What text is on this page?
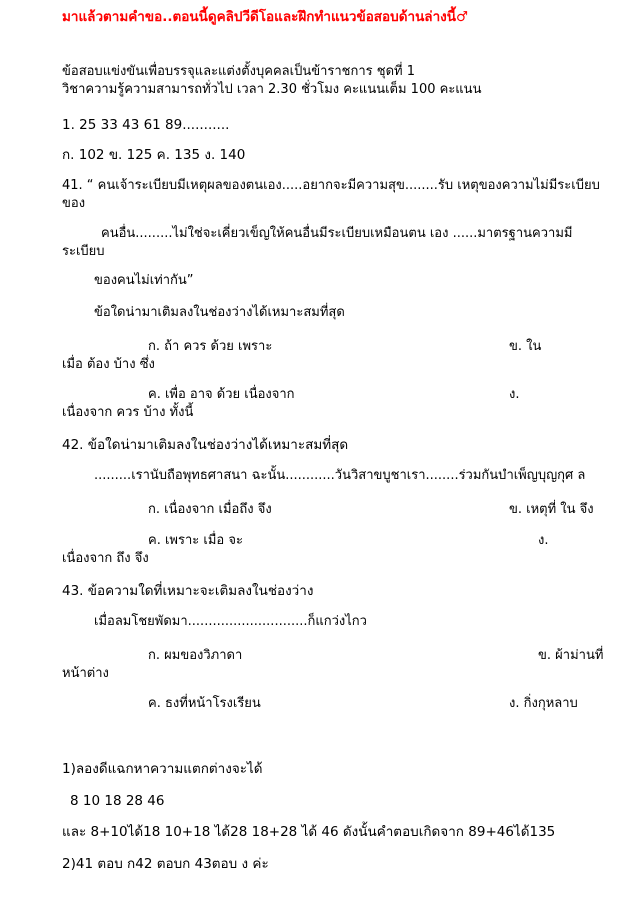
มาแล้วตามคำขอ..ตอนนี้ดูคลิปวีดีโอและฝึกทำแนวข้อสอบด้านล่างนี้♂
ข้อสอบแข่งขันเพื่อบรรจุและแต่งตั้งบุคคลเป็นข้าราชการ ชุดที่ 1
วิชาความรู้ความสามารถทั่วไป เวลา 2.30 ชั่วโมง คะแนนเต็ม 100 คะแนน
1. 25 33 43 61 89...........
ก. 102 ข. 125 ค. 135 ง. 140
41. “ คนเจ้าระเบียบมีเหตุผลของตนเอง.....อยากจะมีความสุข........รับ เหตุของความไม่มีระเบียบ
ของ
คนอื่น.........ไม่ใช่จะเคี่ยวเข็ญให้คนอื่นมีระเบียบเหมือนตน เอง ......มาตรฐานความมี
ระเบียบ
ของคนไม่เท่ากัน”
ข้อใดน่ามาเติมลงในช่องว่างได้เหมาะสมที่สุด
ก. ถ้า ควร ด้วย เพราะ	ข. ใน
เมื่อ ต้อง บ้าง ซึ่ง
ค. เพื่อ อาจ ด้วย เนื่องจาก	ง.
เนื่องจาก ควร บ้าง ทั้งนี้
42. ข้อใดน่ามาเติมลงในช่องว่างได้เหมาะสมที่สุด
.........เรานับถือพุทธศาสนา ฉะนั้น............วันวิสาขบูชาเรา........ร่วมกันบำเพ็ญบุญกุศ ล
ก. เนื่องจาก เมื่อถึง จึง	ข. เหตุที่ ใน จึง
ค. เพราะ เมื่อ จะ	ง.
เนื่องจาก ถึง จึง
43. ข้อความใดที่เหมาะจะเติมลงในช่องว่าง
เมื่อลมโชยพัดมา.............................ก็แกว่งไกว
ก. ผมของวิภาดา	ข. ผ้าม่านที่
หน้าต่าง
ค. ธงที่หน้าโรงเรียน	ง. กิ่งกุหลาบ
1)ลองดีแฉกหาความแตกต่างจะได้
8 10 18 28 46
และ 8+10ได้18 10+18 ได้28 18+28 ได้ 46 ดังนั้นคำตอบเกิดจาก 89+46ได้135
2)41 ตอบ ก42 ตอบก 43ตอบ ง ค่ะ
